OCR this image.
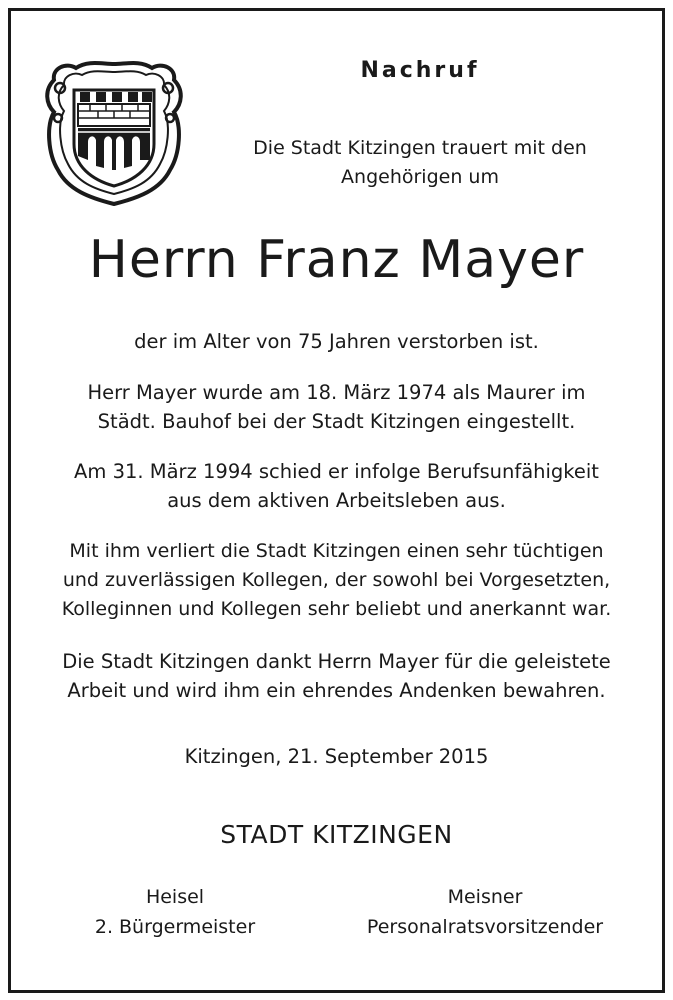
Nachruf
Die Stadt Kitzingen trauert mit den
Angehörigen um
Herrn Franz Mayer
der im Alter von 75 Jahren verstorben ist.
Herr Mayer wurde am 18. März 1974 als Maurer im
Städt. Bauhof bei der Stadt Kitzingen eingestellt.
Am 31. März 1994 schied er infolge Berufsunfähigkeit
aus dem aktiven Arbeitsleben aus.
Mit ihm verliert die Stadt Kitzingen einen sehr tüchtigen
und zuverlässigen Kollegen, der sowohl bei Vorgesetzten,
Kolleginnen und Kollegen sehr beliebt und anerkannt war.
Die Stadt Kitzingen dankt Herrn Mayer für die geleistete
Arbeit und wird ihm ein ehrendes Andenken bewahren.
Kitzingen, 21. September 2015
STADT KITZINGEN
Heisel
2. Bürgermeister
Meisner
Personalratsvorsitzender
